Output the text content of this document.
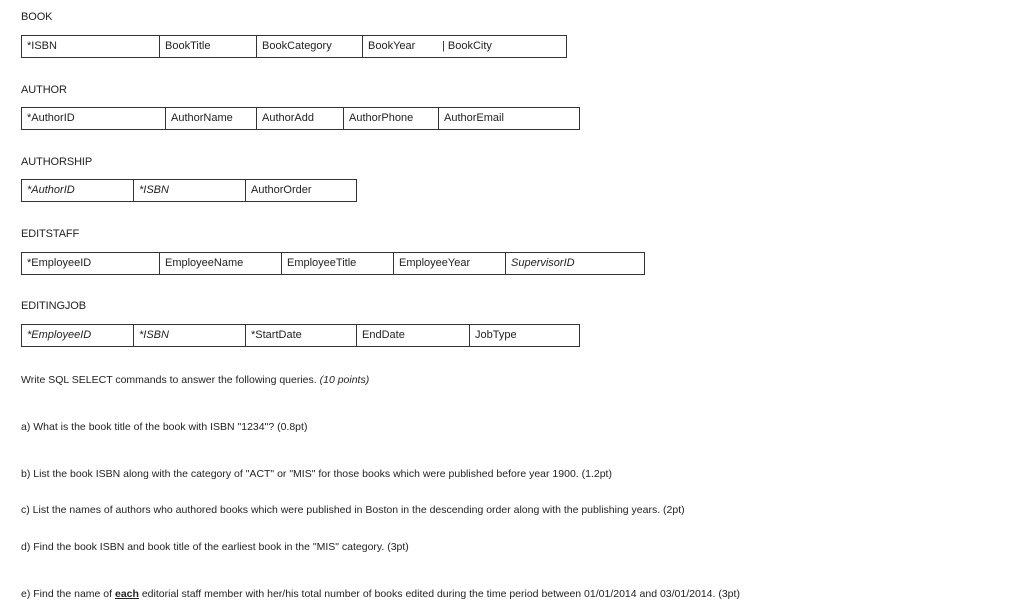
BOOK
*ISBN	BookTitle	BookCategory	BookYear	| BookCity
AUTHOR
*AuthorID	AuthorName	AuthorAdd	AuthorPhone	AuthorEmail
AUTHORSHIP
*AuthorID	*ISBN	AuthorOrder
EDITSTAFF
*EmployeeID	EmployeeName	EmployeeTitle	EmployeeYear	SupervisorID
EDITINGJOB
*EmployeeID	*ISBN	*StartDate	EndDate	JobType
Write SQL SELECT commands to answer the following queries. (10 points)
a) What is the book title of the book with ISBN "1234"? (0.8pt)
b) List the book ISBN along with the category of "ACT" or "MIS" for those books which were published before year 1900. (1.2pt)
c) List the names of authors who authored books which were published in Boston in the descending order along with the publishing years. (2pt)
d) Find the book ISBN and book title of the earliest book in the "MIS" category. (3pt)
e) Find the name of each editorial staff member with her/his total number of books edited during the time period between 01/01/2014 and 03/01/2014. (3pt)
